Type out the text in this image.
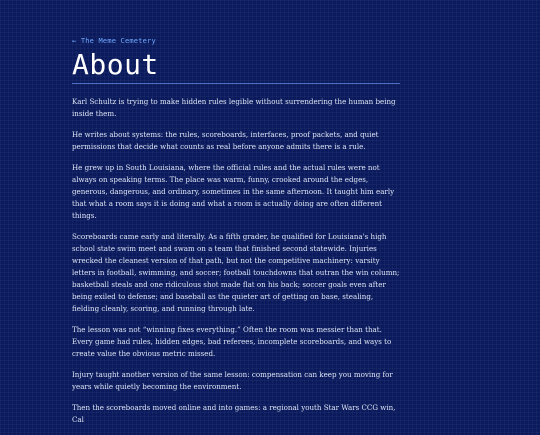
← The Meme Cemetery
About

Karl Schultz is trying to make hidden rules legible without surrendering the human being inside them.

He writes about systems: the rules, scoreboards, interfaces, proof packets, and quiet permissions that decide what counts as real before anyone admits there is a rule.

He grew up in South Louisiana, where the official rules and the actual rules were not always on speaking terms. The place was warm, funny, crooked around the edges, generous, dangerous, and ordinary, sometimes in the same afternoon. It taught him early that what a room says it is doing and what a room is actually doing are often different things.

Scoreboards came early and literally. As a fifth grader, he qualified for Louisiana's high school state swim meet and swam on a team that finished second statewide. Injuries wrecked the cleanest version of that path, but not the competitive machinery: varsity letters in football, swimming, and soccer; football touchdowns that outran the win column; basketball steals and one ridiculous shot made flat on his back; soccer goals even after being exiled to defense; and baseball as the quieter art of getting on base, stealing, fielding cleanly, scoring, and running through late.

The lesson was not “winning fixes everything.” Often the room was messier than that. Every game had rules, hidden edges, bad referees, incomplete scoreboards, and ways to create value the obvious metric missed.

Injury taught another version of the same lesson: compensation can keep you moving for years while quietly becoming the environment.

Then the scoreboards moved online and into games: a regional youth Star Wars CCG win, Cal
